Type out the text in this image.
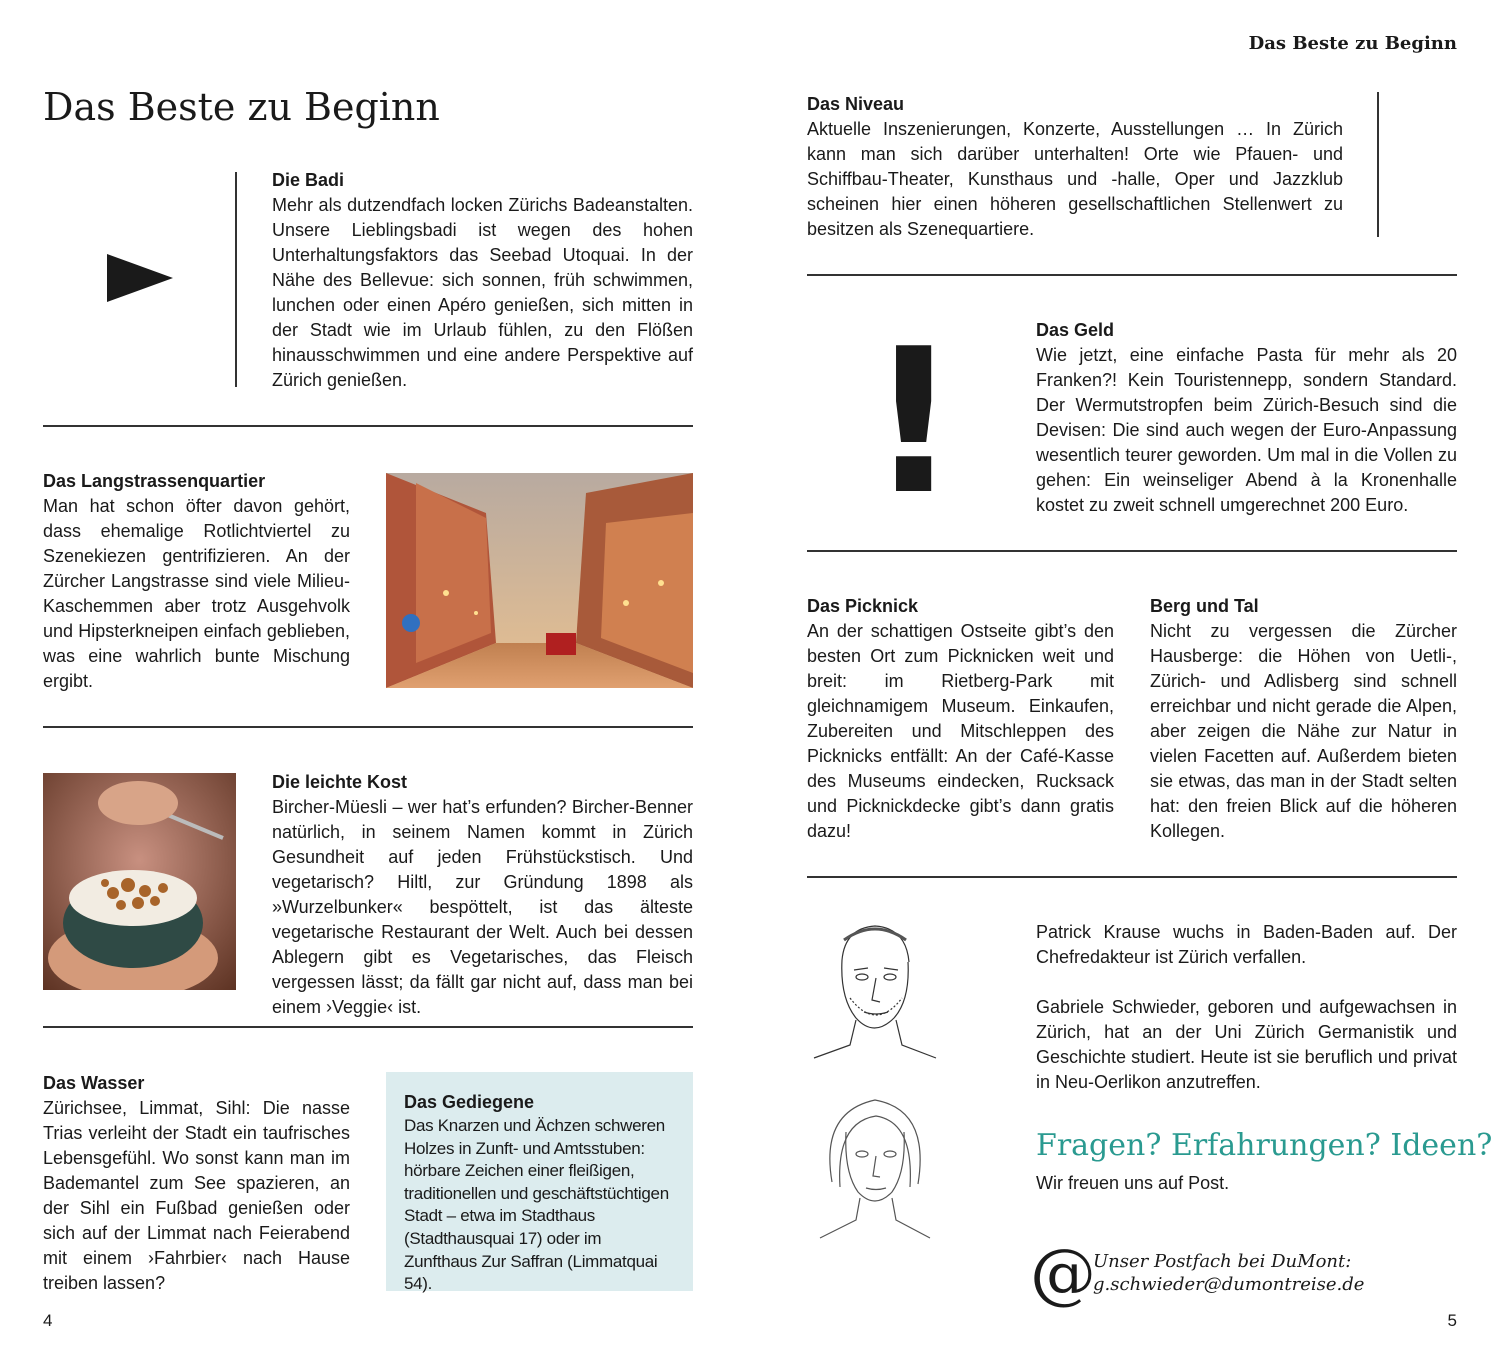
Das Beste zu Beginn
Das Beste zu Beginn
Die Badi
Mehr als dutzendfach locken Zürichs Badeanstalten. Unsere Lieblingsbadi ist wegen des hohen Unterhaltungsfaktors das Seebad Utoquai. In der Nähe des Bellevue: sich sonnen, früh schwimmen, lunchen oder einen Apéro genießen, sich mitten in der Stadt wie im Urlaub fühlen, zu den Flößen hinausschwimmen und eine andere Perspektive auf Zürich genießen.
Das Langstrassenquartier
Man hat schon öfter davon gehört, dass ehemalige Rotlichtviertel zu Szenekiezen gentrifizieren. An der Zürcher Langstrasse sind viele Milieu-Kaschemmen aber trotz Ausgehvolk und Hipsterkneipen einfach geblieben, was eine wahrlich bunte Mischung ergibt.
Die leichte Kost
Bircher-Müesli – wer hat’s erfunden? Bircher-Benner natürlich, in seinem Namen kommt in Zürich Gesundheit auf jeden Frühstückstisch. Und vegetarisch? Hiltl, zur Gründung 1898 als »Wurzelbunker« bespöttelt, ist das älteste vegetarische Restaurant der Welt. Auch bei dessen Ablegern gibt es Vegetarisches, das Fleisch vergessen lässt; da fällt gar nicht auf, dass man bei einem ›Veggie‹ ist.
Das Wasser
Zürichsee, Limmat, Sihl: Die nasse Trias verleiht der Stadt ein taufrisches Lebensgefühl. Wo sonst kann man im Bademantel zum See spazieren, an der Sihl ein Fußbad genießen oder sich auf der Limmat nach Feierabend mit einem ›Fahrbier‹ nach Hause treiben lassen?
Das Gediegene
Das Knarzen und Ächzen schweren Holzes in Zunft- und Amtsstuben: hörbare Zeichen einer fleißigen, traditionellen und geschäftstüchtigen Stadt – etwa im Stadthaus (Stadthausquai 17) oder im Zunfthaus Zur Saffran (Limmatquai 54).
4
Das Niveau
Aktuelle Inszenierungen, Konzerte, Ausstellungen … In Zürich kann man sich darüber unterhalten! Orte wie Pfauen- und Schiffbau-Theater, Kunsthaus und -halle, Oper und Jazzklub scheinen hier einen höheren gesellschaftlichen Stellenwert zu besitzen als Szenequartiere.
!	Das Geld
Wie jetzt, eine einfache Pasta für mehr als 20 Franken?! Kein Touristennepp, sondern Standard. Der Wermutstropfen beim Zürich-Besuch sind die Devisen: Die sind auch wegen der Euro-Anpassung wesentlich teurer geworden. Um mal in die Vollen zu gehen: Ein weinseliger Abend à la Kronenhalle kostet zu zweit schnell umgerechnet 200 Euro.
Das Picknick
An der schattigen Ostseite gibt’s den besten Ort zum Picknicken weit und breit: im Rietberg-Park mit gleichnamigem Museum. Einkaufen, Zubereiten und Mitschleppen des Picknicks entfällt: An der Café-Kasse des Museums eindecken, Rucksack und Picknickdecke gibt’s dann gratis dazu!
Berg und Tal
Nicht zu vergessen die Zürcher Hausberge: die Höhen von Uetli-, Zürich- und Adlisberg sind schnell erreichbar und nicht gerade die Alpen, aber zeigen die Nähe zur Natur in vielen Facetten auf. Außerdem bieten sie etwas, das man in der Stadt selten hat: den freien Blick auf die höheren Kollegen.
Patrick Krause wuchs in Baden-Baden auf. Der Chefredakteur ist Zürich verfallen.
Gabriele Schwieder, geboren und aufgewachsen in Zürich, hat an der Uni Zürich Germanistik und Geschichte studiert. Heute ist sie beruflich und privat in Neu-Oerlikon anzutreffen.
Fragen? Erfahrungen? Ideen?
Wir freuen uns auf Post.
@
Unser Postfach bei DuMont:
g.schwieder@dumontreise.de
5
